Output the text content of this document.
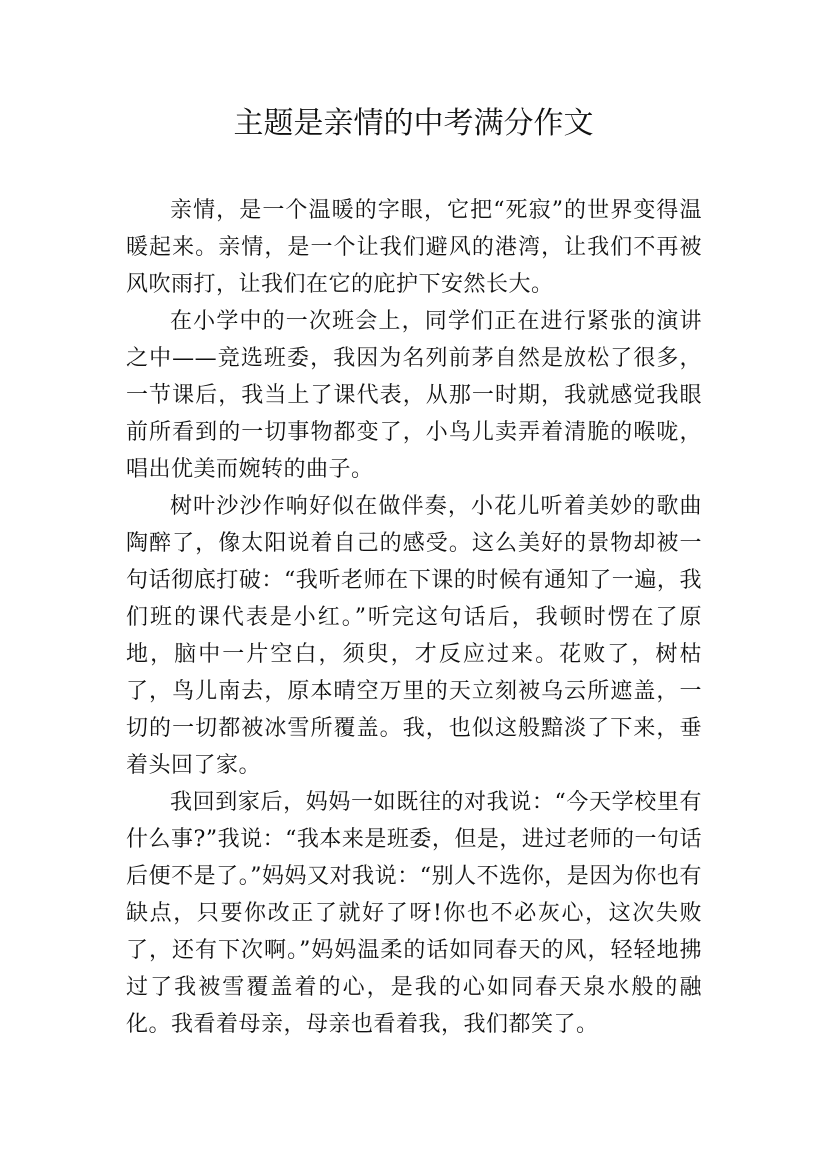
主题是亲情的中考满分作文

亲情，是一个温暖的字眼，它把“死寂”的世界变得温暖起来。亲情，是一个让我们避风的港湾，让我们不再被风吹雨打，让我们在它的庇护下安然长大。

在小学中的一次班会上，同学们正在进行紧张的演讲之中——竞选班委，我因为名列前茅自然是放松了很多，一节课后，我当上了课代表，从那一时期，我就感觉我眼前所看到的一切事物都变了，小鸟儿卖弄着清脆的喉咙，唱出优美而婉转的曲子。

树叶沙沙作响好似在做伴奏，小花儿听着美妙的歌曲陶醉了，像太阳说着自己的感受。这么美好的景物却被一句话彻底打破：“我听老师在下课的时候有通知了一遍，我们班的课代表是小红。”听完这句话后，我顿时愣在了原地，脑中一片空白，须臾，才反应过来。花败了，树枯了，鸟儿南去，原本晴空万里的天立刻被乌云所遮盖，一切的一切都被冰雪所覆盖。我，也似这般黯淡了下来，垂着头回了家。

我回到家后，妈妈一如既往的对我说：“今天学校里有什么事?”我说：“我本来是班委，但是，进过老师的一句话后便不是了。”妈妈又对我说：“别人不选你，是因为你也有缺点，只要你改正了就好了呀!你也不必灰心，这次失败了，还有下次啊。”妈妈温柔的话如同春天的风，轻轻地拂过了我被雪覆盖着的心，是我的心如同春天泉水般的融化。我看着母亲，母亲也看着我，我们都笑了。
